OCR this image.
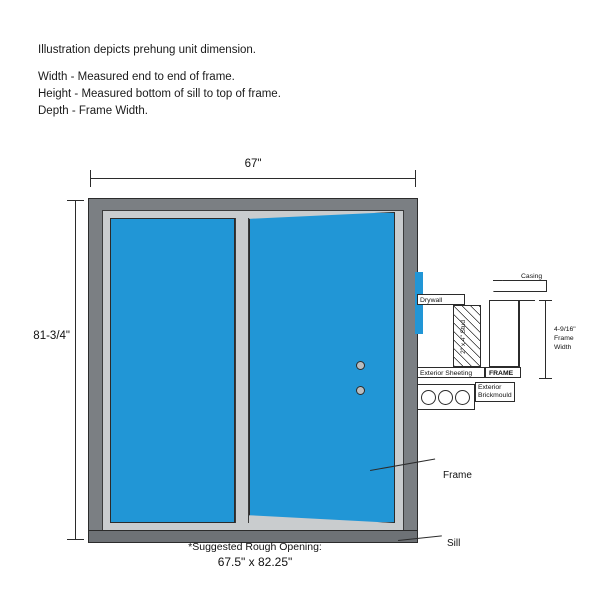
Illustration depicts prehung unit dimension.
Width - Measured end to end of frame.
Height - Measured bottom of sill to top of frame.
Depth - Frame Width.
67"
81-3/4"
Frame
Sill
*Suggested Rough Opening:
67.5" x 82.25"
Casing
Drywall
2" x 4" Stud
Exterior Sheeting FRAME
4-9/16"
Frame
Width
Exterior
Brickmould
